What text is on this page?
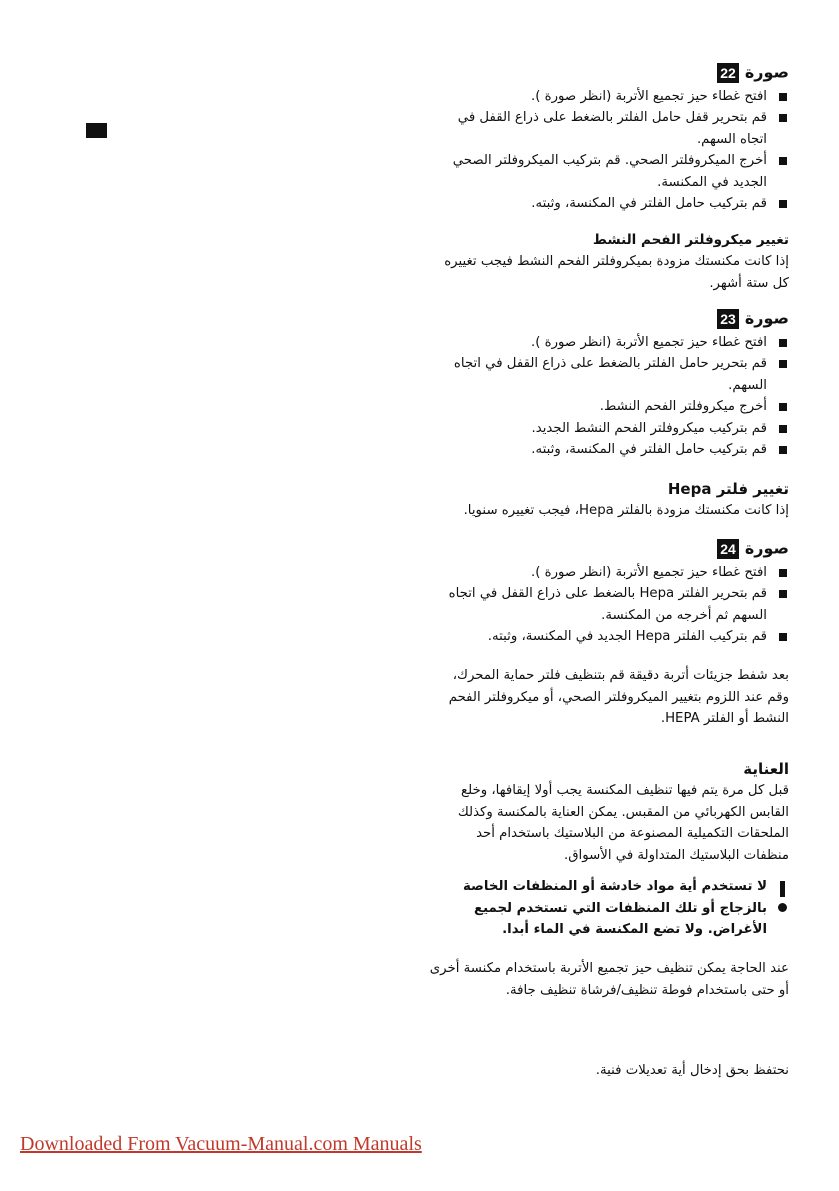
صورة22
افتح غطاء حيز تجميع الأتربة (انظر صورة ).
قم بتحرير قفل حامل الفلتر بالضغط على ذراع القفل في اتجاه السهم.
أخرج الميكروفلتر الصحي. قم بتركيب الميكروفلتر الصحي الجديد في المكنسة.
قم بتركيب حامل الفلتر في المكنسة، وثبته.
تغيير ميكروفلتر الفحم النشط

إذا كانت مكنستك مزودة بميكروفلتر الفحم النشط فيجب تغييره كل ستة أشهر.

صورة23
افتح غطاء حيز تجميع الأتربة (انظر صورة ).
قم بتحرير حامل الفلتر بالضغط على ذراع القفل في اتجاه السهم.
أخرج ميكروفلتر الفحم النشط.
قم بتركيب ميكروفلتر الفحم النشط الجديد.
قم بتركيب حامل الفلتر في المكنسة، وثبته.
تغيير فلتر Hepa

إذا كانت مكنستك مزودة بالفلتر Hepa، فيجب تغييره سنويا.

صورة24
افتح غطاء حيز تجميع الأتربة (انظر صورة ).
قم بتحرير الفلتر Hepa بالضغط على ذراع القفل في اتجاه السهم ثم أخرجه من المكنسة.
قم بتركيب الفلتر Hepa الجديد في المكنسة، وثبته.

بعد شفط جزيئات أتربة دقيقة قم بتنظيف فلتر حماية المحرك، وقم عند اللزوم بتغيير الميكروفلتر الصحي، أو ميكروفلتر الفحم النشط أو الفلتر HEPA.

العناية

قبل كل مرة يتم فيها تنظيف المكنسة يجب أولا إيقافها، وخلع القابس الكهربائي من المقبس. يمكن العناية بالمكنسة وكذلك الملحقات التكميلية المصنوعة من البلاستيك باستخدام أحد منظفات البلاستيك المتداولة في الأسواق.

لا تستخدم أية مواد خادشة أو المنظفات الخاصة بالزجاج أو تلك المنظفات التي تستخدم لجميع الأغراض. ولا تضع المكنسة في الماء أبدا.

عند الحاجة يمكن تنظيف حيز تجميع الأتربة باستخدام مكنسة أخرى أو حتى باستخدام فوطة تنظيف/فرشاة تنظيف جافة.

نحتفظ بحق إدخال أية تعديلات فنية.

Downloaded From Vacuum-Manual.com Manuals
